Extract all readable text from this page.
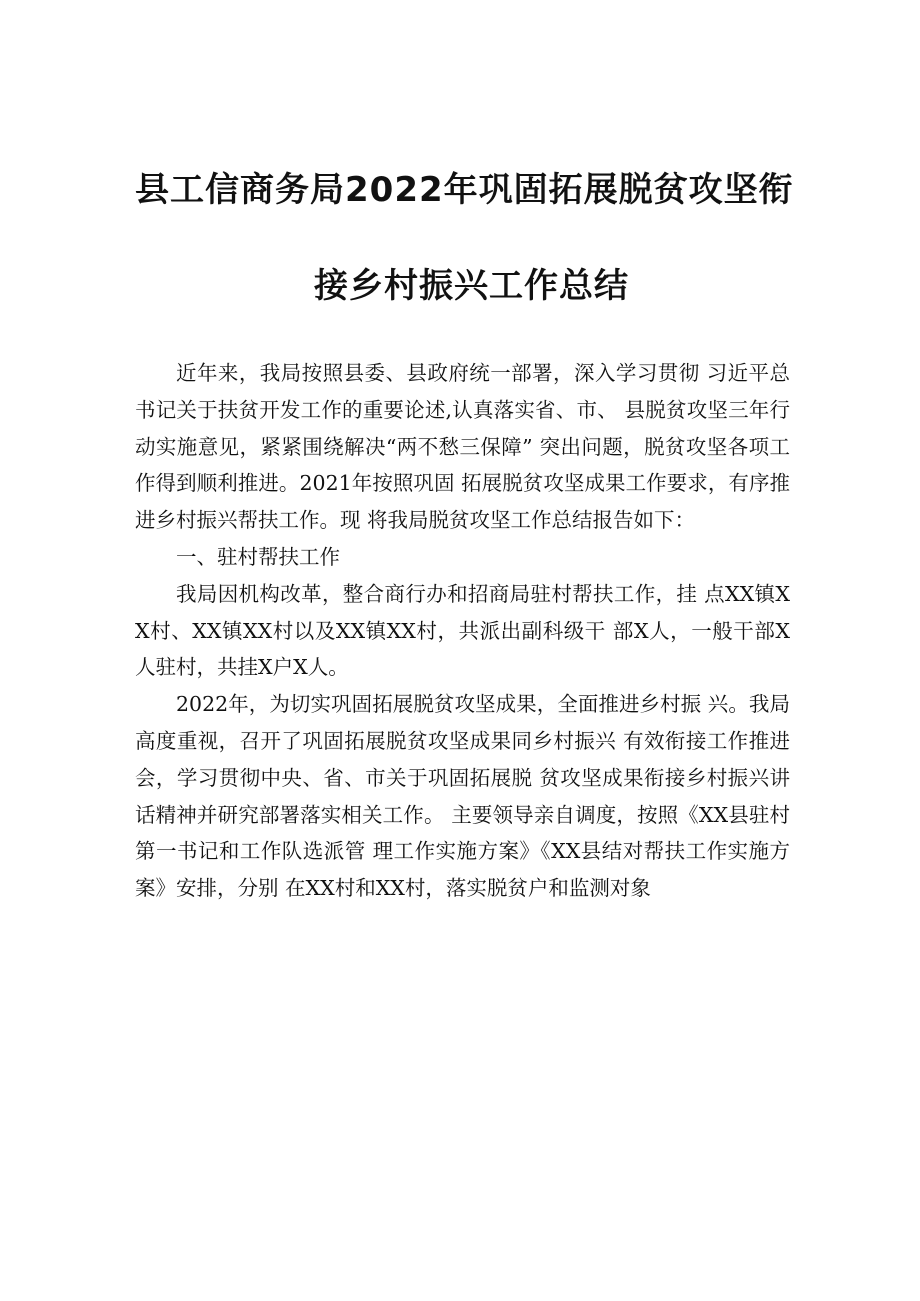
县工信商务局2022年巩固拓展脱贫攻坚衔
接乡村振兴工作总结

近年来，我局按照县委、县政府统一部署，深入学习贯彻 习近平总书记关于扶贫开发工作的重要论述,认真落实省、市、 县脱贫攻坚三年行动实施意见，紧紧围绕解决“两不愁三保障” 突出问题，脱贫攻坚各项工作得到顺利推进。2021年按照巩固 拓展脱贫攻坚成果工作要求，有序推进乡村振兴帮扶工作。现 将我局脱贫攻坚工作总结报告如下：

一、驻村帮扶工作

我局因机构改革，整合商行办和招商局驻村帮扶工作，挂 点XX镇XX村、XX镇XX村以及XX镇XX村，共派出副科级干 部X人，一般干部X人驻村，共挂X户X人。

2022年，为切实巩固拓展脱贫攻坚成果，全面推进乡村振 兴。我局高度重视，召开了巩固拓展脱贫攻坚成果同乡村振兴 有效衔接工作推进会，学习贯彻中央、省、市关于巩固拓展脱 贫攻坚成果衔接乡村振兴讲话精神并研究部署落实相关工作。 主要领导亲自调度，按照《XX县驻村第一书记和工作队选派管 理工作实施方案》《XX县结对帮扶工作实施方案》安排，分别 在XX村和XX村，落实脱贫户和监测对象
